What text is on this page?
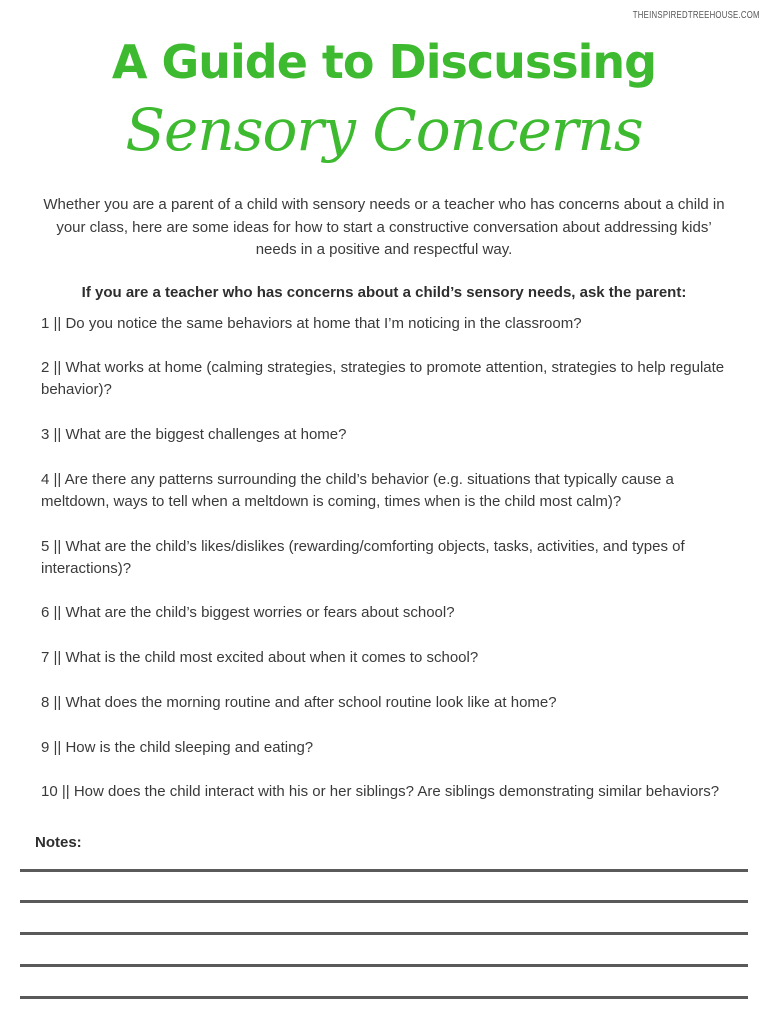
THEINSPIREDTREEHOUSE.COM
A Guide to Discussing
Sensory Concerns

Whether you are a parent of a child with sensory needs or a teacher who has concerns about a child in your class, here are some ideas for how to start a constructive conversation about addressing kids’ needs in a positive and respectful way.

If you are a teacher who has concerns about a child’s sensory needs, ask the parent:
1 || Do you notice the same behaviors at home that I’m noticing in the classroom?
2 || What works at home (calming strategies, strategies to promote attention, strategies to help regulate behavior)?
3 || What are the biggest challenges at home?
4 || Are there any patterns surrounding the child’s behavior (e.g. situations that typically cause a meltdown, ways to tell when a meltdown is coming, times when is the child most calm)?
5 || What are the child’s likes/dislikes (rewarding/comforting objects, tasks, activities, and types of interactions)?
6 || What are the child’s biggest worries or fears about school?
7 || What is the child most excited about when it comes to school?
8 || What does the morning routine and after school routine look like at home?
9 || How is the child sleeping and eating?
10 || How does the child interact with his or her siblings? Are siblings demonstrating similar behaviors?
Notes:
